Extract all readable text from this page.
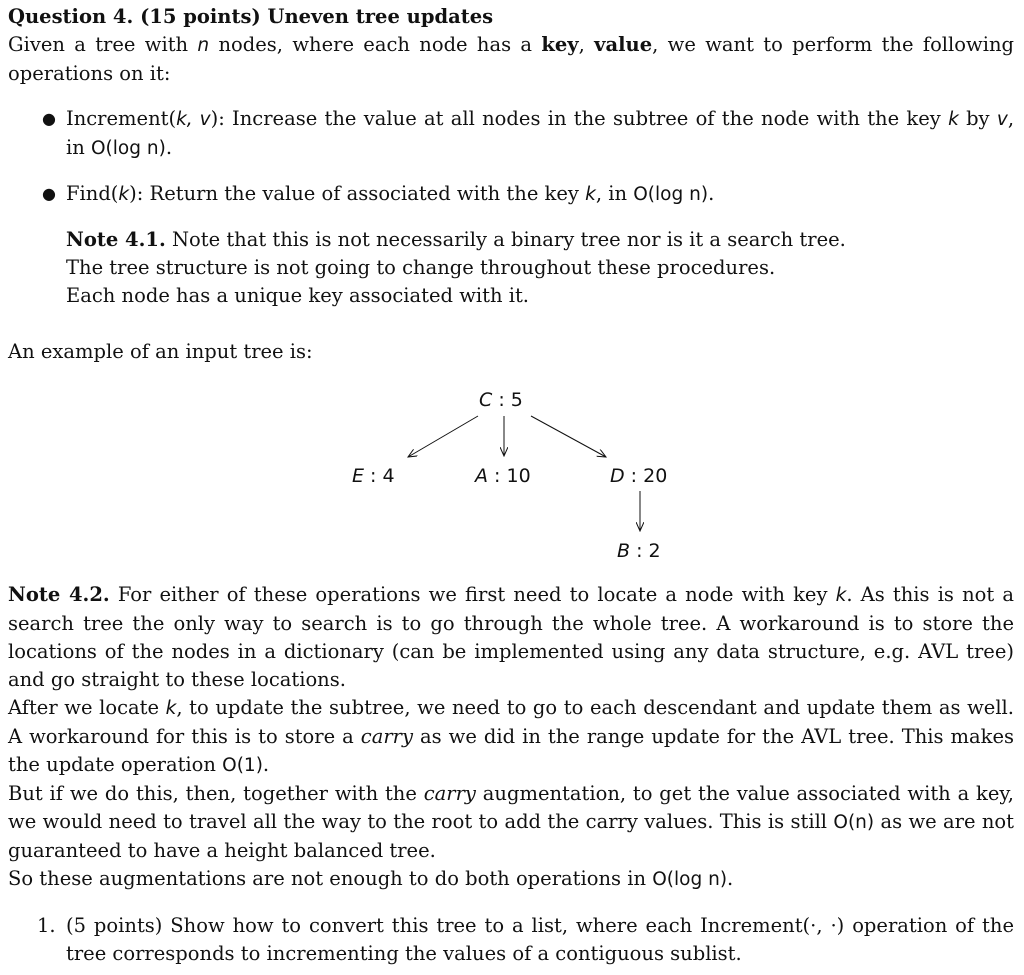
Question 4. (15 points) Uneven tree updates
Given a tree with n nodes, where each node has a key, value, we want to perform the following operations on it:
● Increment(k, v): Increase the value at all nodes in the subtree of the node with the key k by v, in O(log n).
● Find(k): Return the value of associated with the key k, in O(log n).
Note 4.1. Note that this is not necessarily a binary tree nor is it a search tree.
The tree structure is not going to change throughout these procedures.
Each node has a unique key associated with it.
An example of an input tree is:
C : 5
E : 4	A : 10	D : 20
B : 2
Note 4.2. For either of these operations we first need to locate a node with key k. As this is not a search tree the only way to search is to go through the whole tree. A workaround is to store the locations of the nodes in a dictionary (can be implemented using any data structure, e.g. AVL tree) and go straight to these locations.
After we locate k, to update the subtree, we need to go to each descendant and update them as well. A workaround for this is to store a carry as we did in the range update for the AVL tree. This makes the update operation O(1).
But if we do this, then, together with the carry augmentation, to get the value associated with a key, we would need to travel all the way to the root to add the carry values. This is still O(n) as we are not guaranteed to have a height balanced tree.
So these augmentations are not enough to do both operations in O(log n).
1. (5 points) Show how to convert this tree to a list, where each Increment(·, ·) operation of the tree corresponds to incrementing the values of a contiguous sublist.
